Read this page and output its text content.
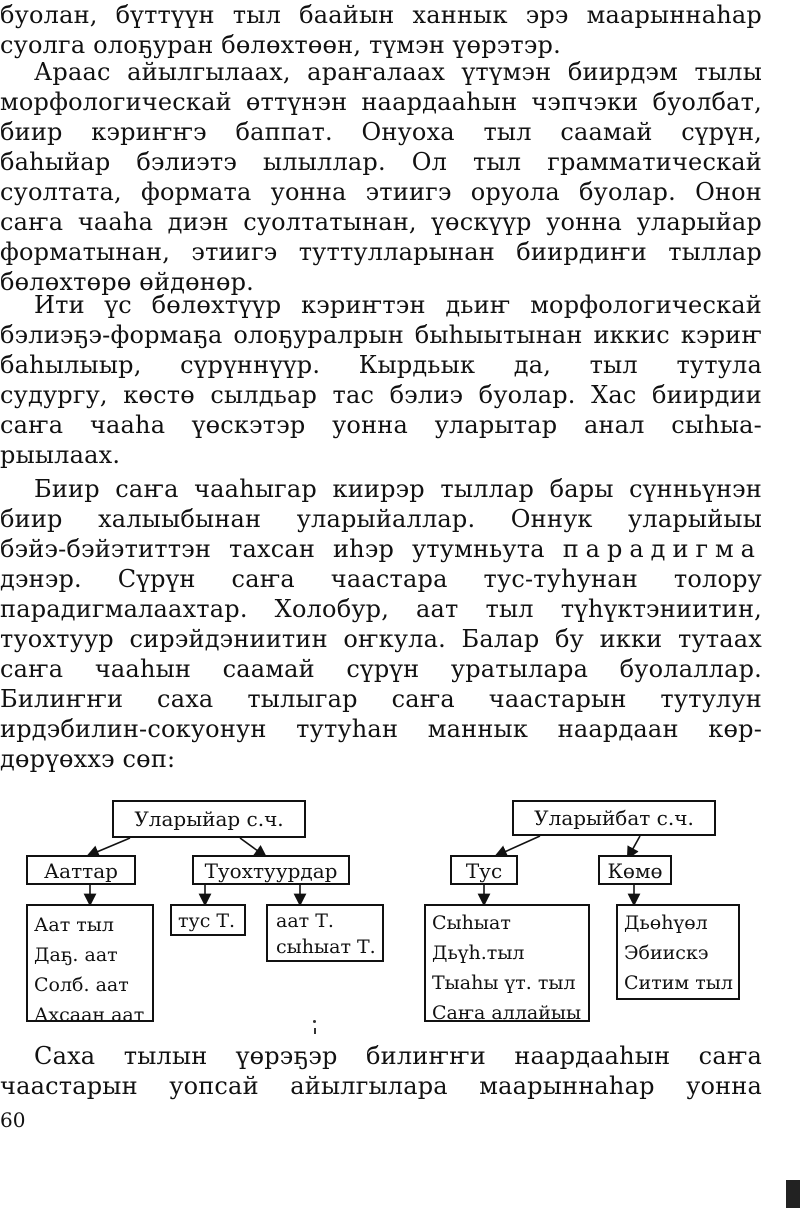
буолан, бүттүүн тыл баайын ханнык эрэ маарыннаһар
суолга олоҕуран бөлөхтөөн, түмэн үөрэтэр.
Араас айылгылаах, араҥалаах үтүмэн биирдэм тылы
морфологическай өттүнэн наардааһын чэпчэки буолбат,
биир кэриҥҥэ баппат. Онуоха тыл саамай сүрүн,
баһыйар бэлиэтэ ылыллар. Ол тыл грамматическай
суолтата, формата уонна этиигэ оруола буолар. Онон
саҥа чааһа диэн суолтатынан, үөскүүр уонна уларыйар
форматынан, этиигэ туттулларынан биирдиҥи тыллар
бөлөхтөрө өйдөнөр.
Ити үс бөлөхтүүр кэриҥтэн дьиҥ морфологическай
бэлиэҕэ-формаҕа олоҕуралрын быһыытынан иккис кэриҥ
баһылыыр, сүрүннүүр. Кырдьык да, тыл тутула
судургу, көстө сылдьар тас бэлиэ буолар. Хас биирдии
саҥа чааһа үөскэтэр уонна уларытар анал сыһыа-
рыылаах.
Биир саҥа чааһыгар киирэр тыллар бары сүнньүнэн
биир халыыбынан уларыйаллар. Оннук уларыйыы
бэйэ-бэйэтиттэн тахсан иһэр утумньута парадигма
дэнэр. Сүрүн саҥа чаастара тус-туһунан толору
парадигмалаахтар. Холобур, аат тыл түһүктэниитин,
туохтуур сирэйдэниитин оҥкула. Балар бу икки тутаах
саҥа чааһын саамай сүрүн уратылара буолаллар.
Билиҥҥи саха тылыгар саҥа чаастарын тутулун
ирдэбилин-сокуонун тутуһан маннык наардаан көр-
дөрүөххэ сөп:
Уларыйар с.ч.
Ааттар	Туохтуурдар
Аат тыл
Даҕ. аат
Солб. аат
Ахсаан аат
тус Т.	аат Т.
сыһыат Т.
Уларыйбат с.ч.
Тус	Көмө
Сыһыат
Дьүһ.тыл
Тыаһы үт. тыл
Саҥа аллайыы
Дьөһүөл
Эбиискэ
Ситим тыл
Саха тылын үөрэҕэр билиҥҥи наардааһын саҥа
чаастарын уопсай айылгылара маарыннаһар уонна
60
